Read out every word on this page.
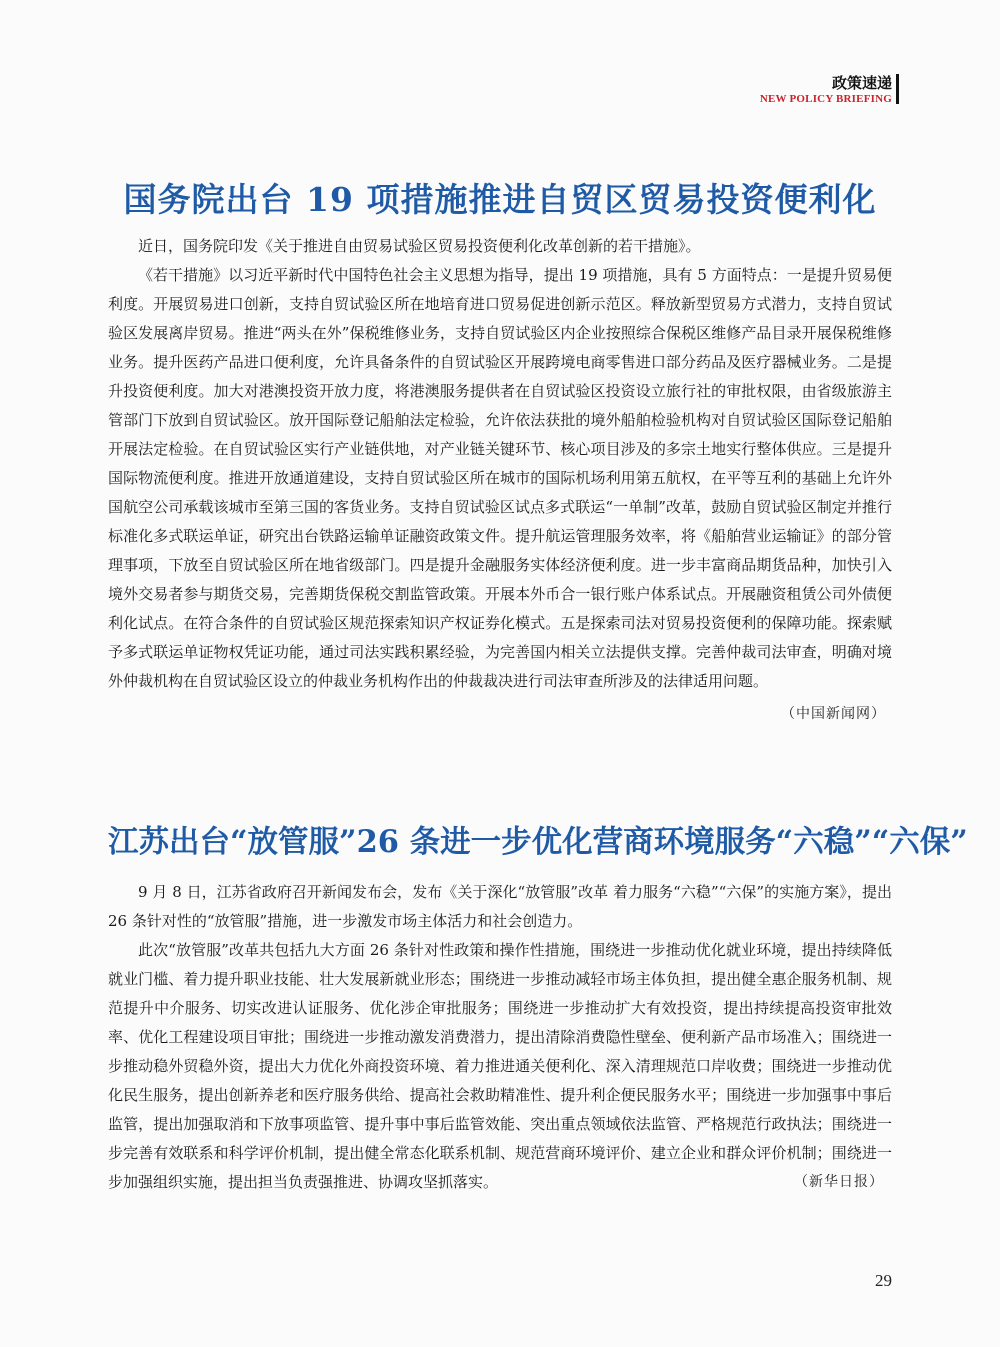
政策速递
NEW POLICY BRIEFING
国务院出台 19 项措施推进自贸区贸易投资便利化

近日，国务院印发《关于推进自由贸易试验区贸易投资便利化改革创新的若干措施》。

《若干措施》以习近平新时代中国特色社会主义思想为指导，提出 19 项措施，具有 5 方面特点：一是提升贸易便利度。开展贸易进口创新，支持自贸试验区所在地培育进口贸易促进创新示范区。释放新型贸易方式潜力，支持自贸试验区发展离岸贸易。推进“两头在外”保税维修业务，支持自贸试验区内企业按照综合保税区维修产品目录开展保税维修业务。提升医药产品进口便利度，允许具备条件的自贸试验区开展跨境电商零售进口部分药品及医疗器械业务。二是提升投资便利度。加大对港澳投资开放力度，将港澳服务提供者在自贸试验区投资设立旅行社的审批权限，由省级旅游主管部门下放到自贸试验区。放开国际登记船舶法定检验，允许依法获批的境外船舶检验机构对自贸试验区国际登记船舶开展法定检验。在自贸试验区实行产业链供地，对产业链关键环节、核心项目涉及的多宗土地实行整体供应。三是提升国际物流便利度。推进开放通道建设，支持自贸试验区所在城市的国际机场利用第五航权，在平等互利的基础上允许外国航空公司承载该城市至第三国的客货业务。支持自贸试验区试点多式联运“一单制”改革，鼓励自贸试验区制定并推行标准化多式联运单证，研究出台铁路运输单证融资政策文件。提升航运管理服务效率，将《船舶营业运输证》的部分管理事项，下放至自贸试验区所在地省级部门。四是提升金融服务实体经济便利度。进一步丰富商品期货品种，加快引入境外交易者参与期货交易，完善期货保税交割监管政策。开展本外币合一银行账户体系试点。开展融资租赁公司外债便利化试点。在符合条件的自贸试验区规范探索知识产权证券化模式。五是探索司法对贸易投资便利的保障功能。探索赋予多式联运单证物权凭证功能，通过司法实践积累经验，为完善国内相关立法提供支撑。完善仲裁司法审查，明确对境外仲裁机构在自贸试验区设立的仲裁业务机构作出的仲裁裁决进行司法审查所涉及的法律适用问题。

（中国新闻网）
江苏出台“放管服”26 条进一步优化营商环境服务“六稳”“六保”

9 月 8 日，江苏省政府召开新闻发布会，发布《关于深化“放管服”改革 着力服务“六稳”“六保”的实施方案》，提出 26 条针对性的“放管服”措施，进一步激发市场主体活力和社会创造力。

此次“放管服”改革共包括九大方面 26 条针对性政策和操作性措施，围绕进一步推动优化就业环境，提出持续降低就业门槛、着力提升职业技能、壮大发展新就业形态；围绕进一步推动减轻市场主体负担，提出健全惠企服务机制、规范提升中介服务、切实改进认证服务、优化涉企审批服务；围绕进一步推动扩大有效投资，提出持续提高投资审批效率、优化工程建设项目审批；围绕进一步推动激发消费潜力，提出清除消费隐性壁垒、便利新产品市场准入；围绕进一步推动稳外贸稳外资，提出大力优化外商投资环境、着力推进通关便利化、深入清理规范口岸收费；围绕进一步推动优化民生服务，提出创新养老和医疗服务供给、提高社会救助精准性、提升利企便民服务水平；围绕进一步加强事中事后监管，提出加强取消和下放事项监管、提升事中事后监管效能、突出重点领域依法监管、严格规范行政执法；围绕进一步完善有效联系和科学评价机制，提出健全常态化联系机制、规范营商环境评价、建立企业和群众评价机制；围绕进一步加强组织实施，提出担当负责强推进、协调攻坚抓落实。	（新华日报）
29
